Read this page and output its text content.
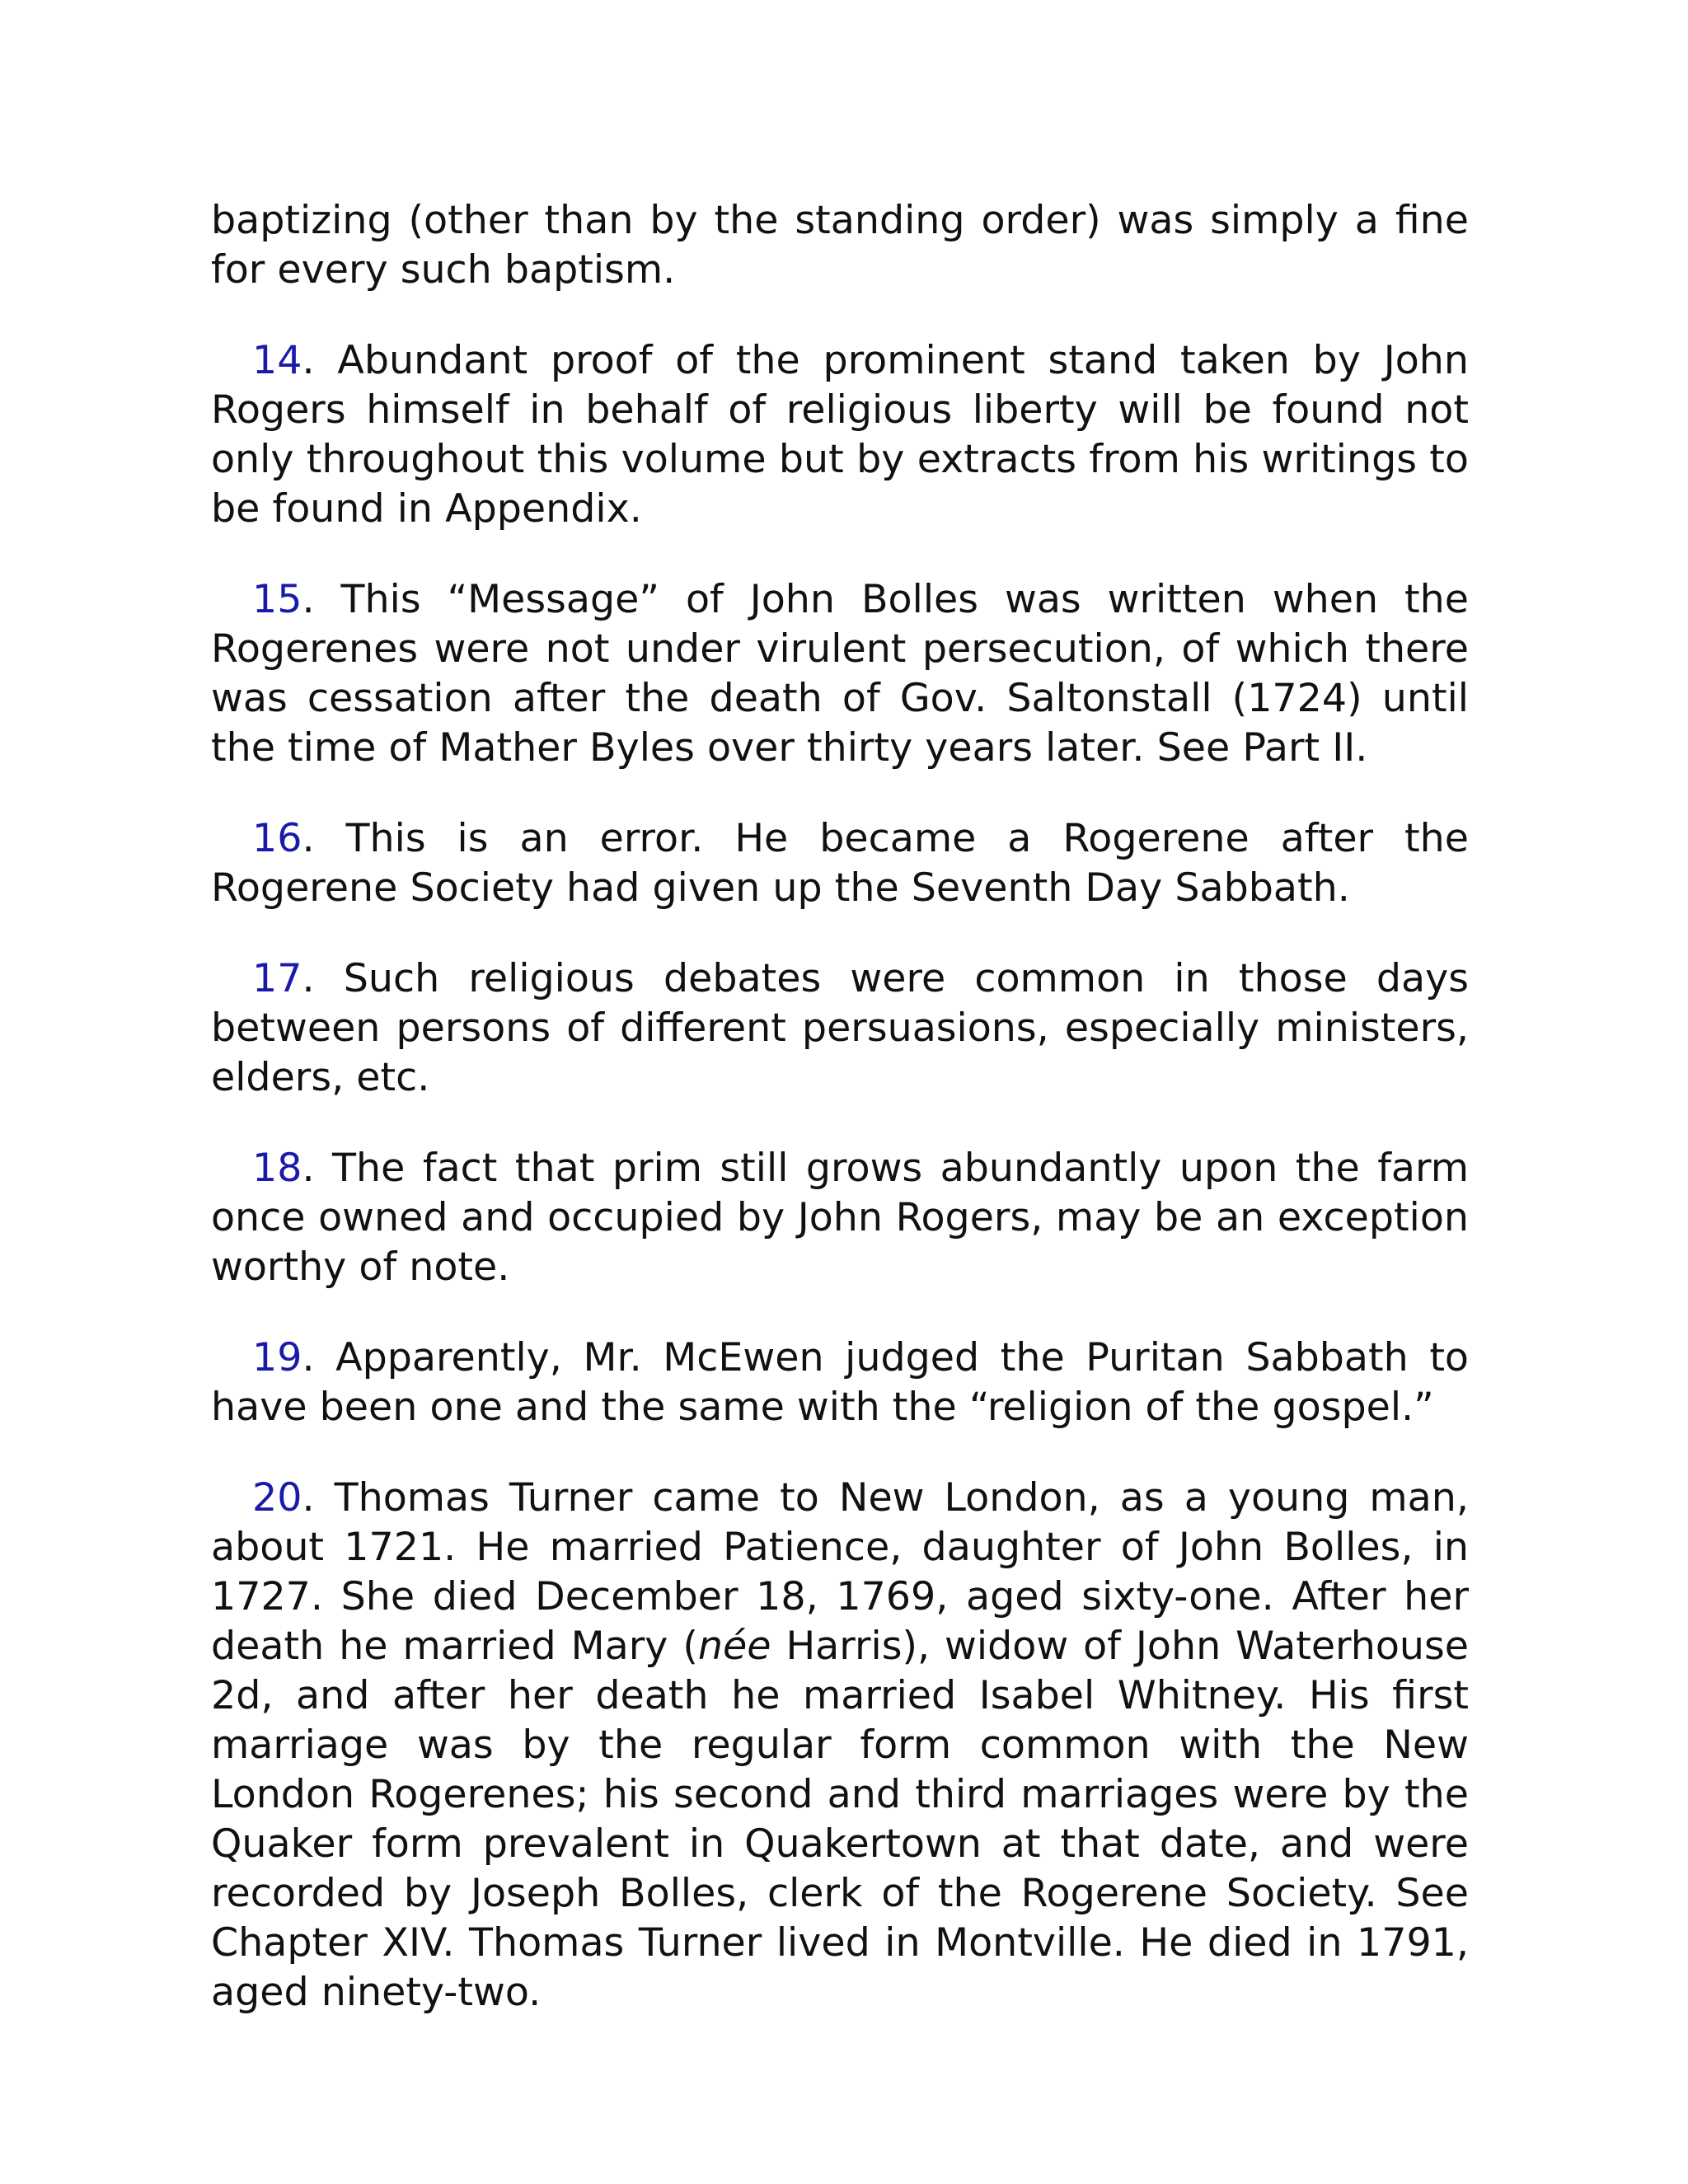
baptizing (other than by the standing order) was simply a fine for every such baptism.

14. Abundant proof of the prominent stand taken by John Rogers himself in behalf of religious liberty will be found not only throughout this volume but by extracts from his writings to be found in Appendix.

15. This “Message” of John Bolles was written when the Rogerenes were not under virulent persecution, of which there was cessation after the death of Gov. Saltonstall (1724) until the time of Mather Byles over thirty years later. See Part II.

16. This is an error. He became a Rogerene after the Rogerene Society had given up the Seventh Day Sabbath.

17. Such religious debates were common in those days between persons of different persuasions, especially ministers, elders, etc.

18. The fact that prim still grows abundantly upon the farm once owned and occupied by John Rogers, may be an exception worthy of note.

19. Apparently, Mr. McEwen judged the Puritan Sabbath to have been one and the same with the “religion of the gospel.”

20. Thomas Turner came to New London, as a young man, about 1721. He married Patience, daughter of John Bolles, in 1727. She died December 18, 1769, aged sixty-one. After her death he married Mary (née Harris), widow of John Waterhouse 2d, and after her death he married Isabel Whitney. His first marriage was by the regular form common with the New London Rogerenes; his second and third marriages were by the Quaker form prevalent in Quakertown at that date, and were recorded by Joseph Bolles, clerk of the Rogerene Society. See Chapter XIV. Thomas Turner lived in Montville. He died in 1791, aged ninety-two.
